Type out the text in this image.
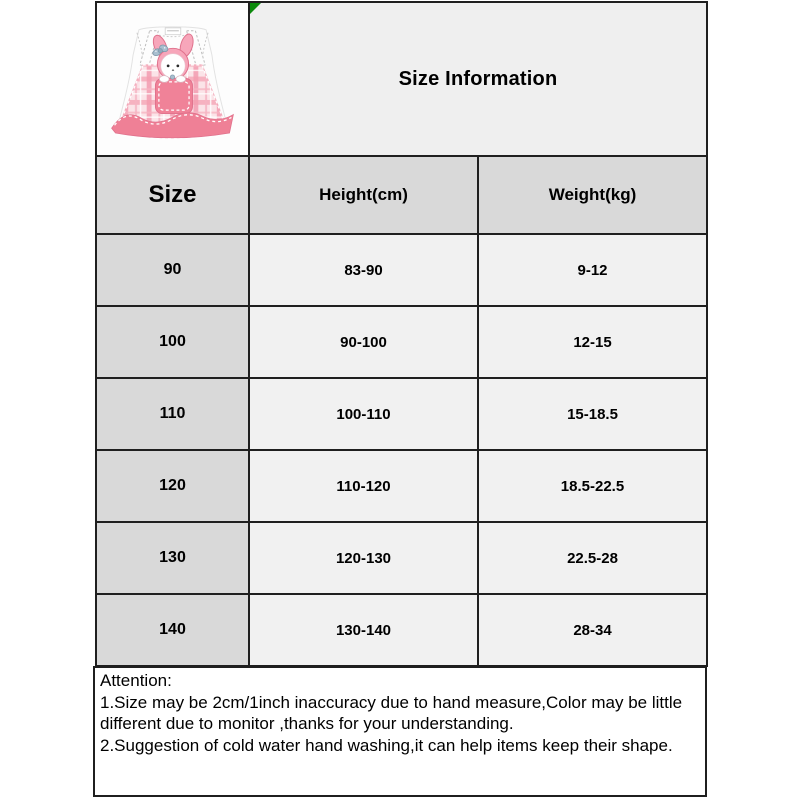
Size Information	
Size	Height(cm)	Weight(kg)
90	83-90	9-12
100	90-100	12-15
110	100-110	15-18.5
120	110-120	18.5-22.5
130	120-130	22.5-28
140	130-140	28-34
Attention:
1.Size may be 2cm/1inch inaccuracy due to hand measure,Color may be little different due to monitor ,thanks for your understanding.
2.Suggestion of cold water hand washing,it can help items keep their shape.
